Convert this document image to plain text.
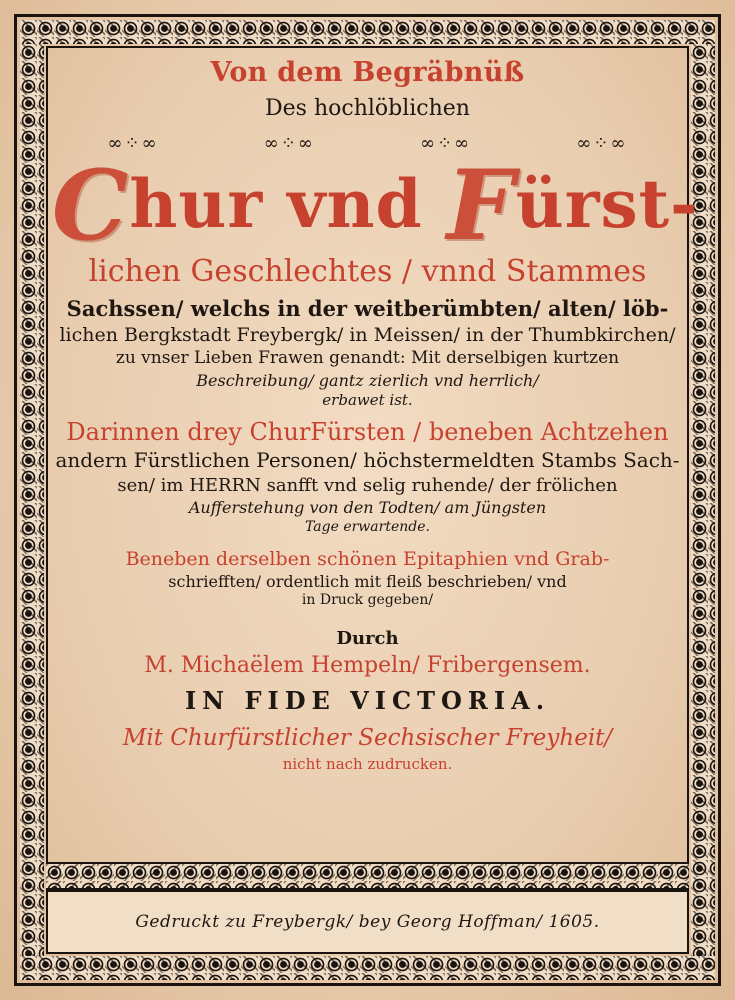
Von dem Begräbnüß
Des hochlöblichen
∞⁘∞	∞⁘∞	∞⁘∞	∞⁘∞
Chur vnd Fürst-
lichen Geschlechtes / vnnd Stammes
Sachssen/ welchs in der weitberümbten/ alten/ löb-
lichen Bergkstadt Freybergk/ in Meissen/ in der Thumbkirchen/
zu vnser Lieben Frawen genandt: Mit derselbigen kurtzen
Beschreibung/ gantz zierlich vnd herrlich/
erbawet ist.
Darinnen drey ChurFürsten / beneben Achtzehen
andern Fürstlichen Personen/ höchstermeldten Stambs Sach-
sen/ im HERRN sanfft vnd selig ruhende/ der frölichen
Aufferstehung von den Todten/ am Jüngsten
Tage erwartende.
Beneben derselben schönen Epitaphien vnd Grab-
schriefften/ ordentlich mit fleiß beschrieben/ vnd
in Druck gegeben/
Durch
M. Michaëlem Hempeln/ Fribergensem.
IN FIDE VICTORIA.
Mit Churfürstlicher Sechsischer Freyheit/
nicht nach zudrucken.
Gedruckt zu Freybergk/ bey Georg Hoffman/ 1605.
